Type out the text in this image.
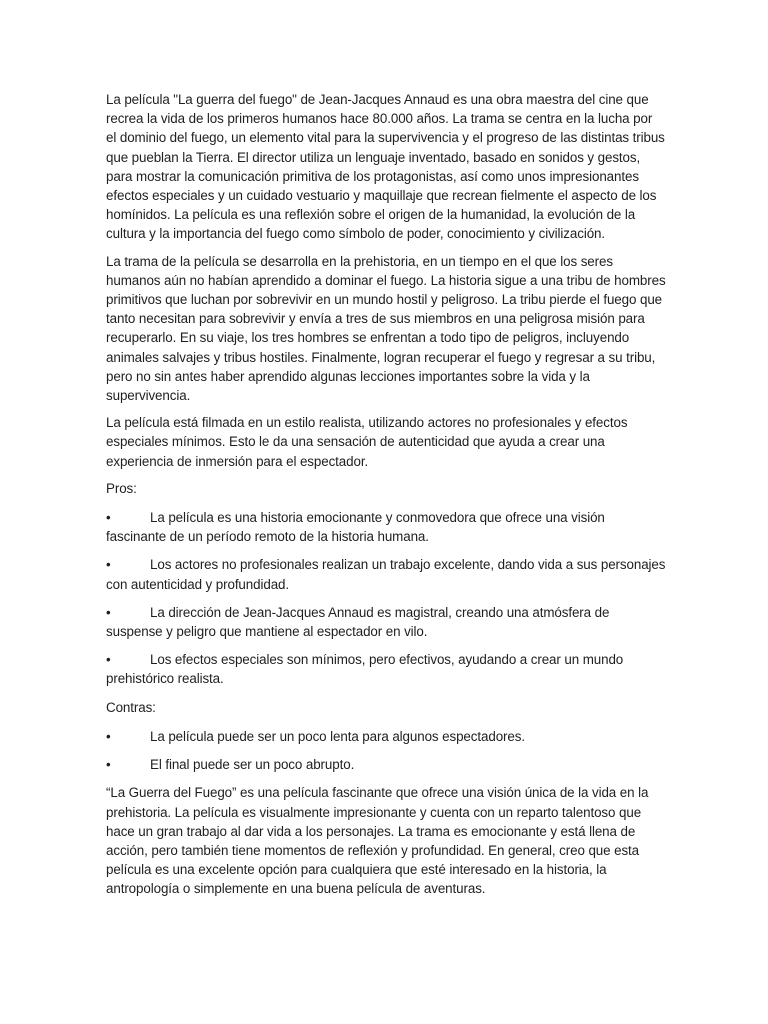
La película "La guerra del fuego" de Jean-Jacques Annaud es una obra maestra del cine que recrea la vida de los primeros humanos hace 80.000 años. La trama se centra en la lucha por el dominio del fuego, un elemento vital para la supervivencia y el progreso de las distintas tribus que pueblan la Tierra. El director utiliza un lenguaje inventado, basado en sonidos y gestos, para mostrar la comunicación primitiva de los protagonistas, así como unos impresionantes efectos especiales y un cuidado vestuario y maquillaje que recrean fielmente el aspecto de los homínidos. La película es una reflexión sobre el origen de la humanidad, la evolución de la cultura y la importancia del fuego como símbolo de poder, conocimiento y civilización.

La trama de la película se desarrolla en la prehistoria, en un tiempo en el que los seres humanos aún no habían aprendido a dominar el fuego. La historia sigue a una tribu de hombres primitivos que luchan por sobrevivir en un mundo hostil y peligroso. La tribu pierde el fuego que tanto necesitan para sobrevivir y envía a tres de sus miembros en una peligrosa misión para recuperarlo. En su viaje, los tres hombres se enfrentan a todo tipo de peligros, incluyendo animales salvajes y tribus hostiles. Finalmente, logran recuperar el fuego y regresar a su tribu, pero no sin antes haber aprendido algunas lecciones importantes sobre la vida y la supervivencia.

La película está filmada en un estilo realista, utilizando actores no profesionales y efectos especiales mínimos. Esto le da una sensación de autenticidad que ayuda a crear una experiencia de inmersión para el espectador.

Pros:

•	La película es una historia emocionante y conmovedora que ofrece una visión fascinante de un período remoto de la historia humana.

•	Los actores no profesionales realizan un trabajo excelente, dando vida a sus personajes con autenticidad y profundidad.

•	La dirección de Jean-Jacques Annaud es magistral, creando una atmósfera de suspense y peligro que mantiene al espectador en vilo.

•	Los efectos especiales son mínimos, pero efectivos, ayudando a crear un mundo prehistórico realista.

Contras:

•	La película puede ser un poco lenta para algunos espectadores.

•	El final puede ser un poco abrupto.

“La Guerra del Fuego” es una película fascinante que ofrece una visión única de la vida en la prehistoria. La película es visualmente impresionante y cuenta con un reparto talentoso que hace un gran trabajo al dar vida a los personajes. La trama es emocionante y está llena de acción, pero también tiene momentos de reflexión y profundidad. En general, creo que esta película es una excelente opción para cualquiera que esté interesado en la historia, la antropología o simplemente en una buena película de aventuras.
